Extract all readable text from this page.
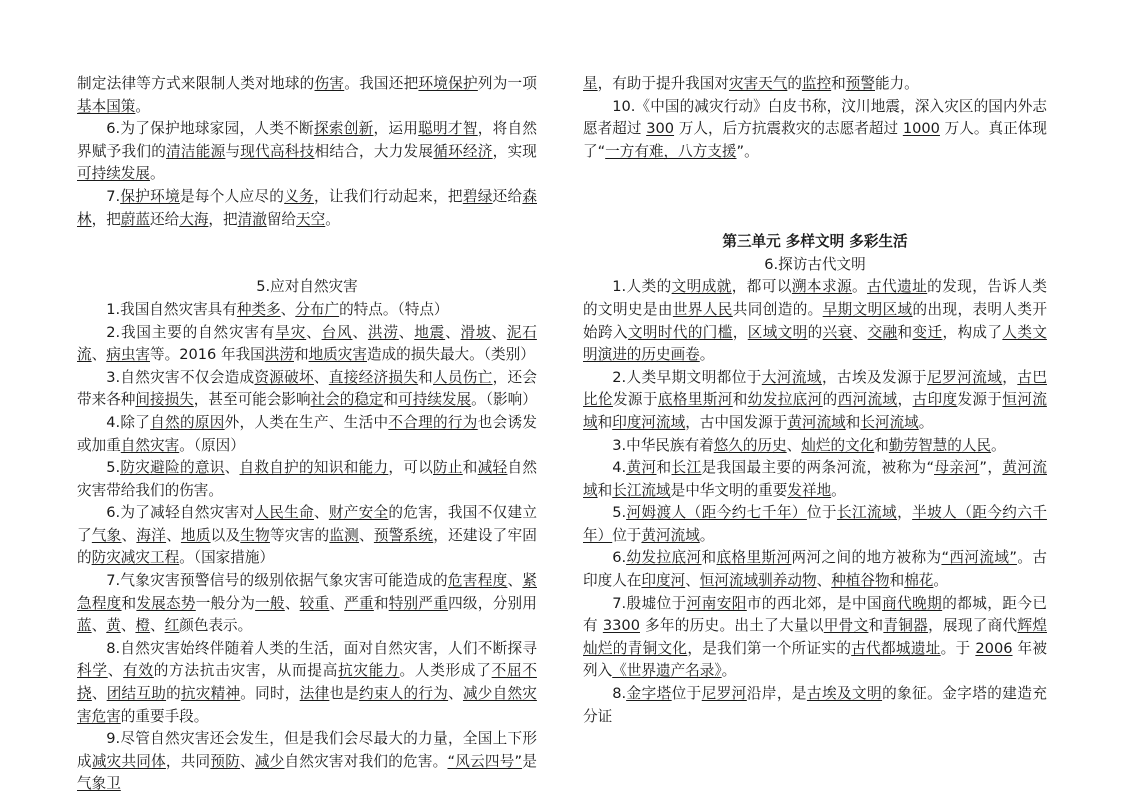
制定法律等方式来限制人类对地球的伤害。我国还把环境保护列为一项基本国策。

6.为了保护地球家园，人类不断探索创新，运用聪明才智，将自然界赋予我们的清洁能源与现代高科技相结合，大力发展循环经济，实现可持续发展。

7.保护环境是每个人应尽的义务，让我们行动起来，把碧绿还给森林，把蔚蓝还给大海，把清澈留给天空。

5.应对自然灾害

1.我国自然灾害具有种类多、分布广的特点。（特点）

2.我国主要的自然灾害有旱灾、台风、洪涝、地震、滑坡、泥石流、病虫害等。2016 年我国洪涝和地质灾害造成的损失最大。（类别）

3.自然灾害不仅会造成资源破坏、直接经济损失和人员伤亡，还会带来各种间接损失，甚至可能会影响社会的稳定和可持续发展。（影响）

4.除了自然的原因外，人类在生产、生活中不合理的行为也会诱发或加重自然灾害。（原因）

5.防灾避险的意识、自救自护的知识和能力，可以防止和减轻自然灾害带给我们的伤害。

6.为了减轻自然灾害对人民生命、财产安全的危害，我国不仅建立了气象、海洋、地质以及生物等灾害的监测、预警系统，还建设了牢固的防灾减灾工程。（国家措施）

7.气象灾害预警信号的级别依据气象灾害可能造成的危害程度、紧急程度和发展态势一般分为一般、较重、严重和特别严重四级，分别用蓝、黄、橙、红颜色表示。

8.自然灾害始终伴随着人类的生活，面对自然灾害，人们不断探寻科学、有效的方法抗击灾害，从而提高抗灾能力。人类形成了不屈不挠、团结互助的抗灾精神。同时，法律也是约束人的行为、减少自然灾害危害的重要手段。

9.尽管自然灾害还会发生，但是我们会尽最大的力量，全国上下形成减灾共同体，共同预防、减少自然灾害对我们的危害。“风云四号”是气象卫

星，有助于提升我国对灾害天气的监控和预警能力。

10.《中国的减灾行动》白皮书称，汶川地震，深入灾区的国内外志愿者超过 300 万人，后方抗震救灾的志愿者超过 1000 万人。真正体现了“一方有难，八方支援”。

第三单元 多样文明 多彩生活

6.探访古代文明

1.人类的文明成就，都可以溯本求源。古代遗址的发现，告诉人类的文明史是由世界人民共同创造的。早期文明区域的出现，表明人类开始跨入文明时代的门槛，区域文明的兴衰、交融和变迁，构成了人类文明演进的历史画卷。

2.人类早期文明都位于大河流域，古埃及发源于尼罗河流域，古巴比伦发源于底格里斯河和幼发拉底河的西河流域，古印度发源于恒河流域和印度河流域，古中国发源于黄河流域和长河流域。

3.中华民族有着悠久的历史、灿烂的文化和勤劳智慧的人民。

4.黄河和长江是我国最主要的两条河流，被称为“母亲河”，黄河流域和长江流域是中华文明的重要发祥地。

5.河姆渡人（距今约七千年）位于长江流域，半坡人（距今约六千年）位于黄河流域。

6.幼发拉底河和底格里斯河两河之间的地方被称为“西河流域”。古印度人在印度河、恒河流域驯养动物、种植谷物和棉花。

7.殷墟位于河南安阳市的西北郊，是中国商代晚期的都城，距今已有 3300 多年的历史。出土了大量以甲骨文和青铜器，展现了商代辉煌灿烂的青铜文化，是我们第一个所证实的古代都城遗址。于 2006 年被列入《世界遗产名录》。

8.金字塔位于尼罗河沿岸，是古埃及文明的象征。金字塔的建造充分证
